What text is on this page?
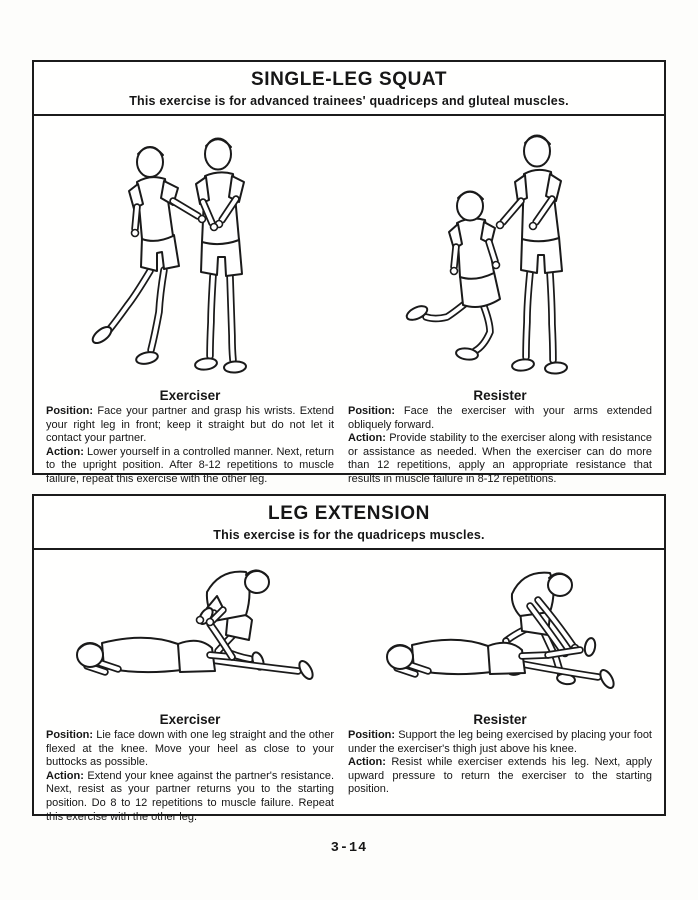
SINGLE-LEG SQUAT
This exercise is for advanced trainees' quadriceps and gluteal muscles.
Exerciser

Position: Face your partner and grasp his wrists. Extend your right leg in front; keep it straight but do not let it contact your partner.

Action: Lower yourself in a controlled manner. Next, return to the upright position. After 8-12 repetitions to muscle failure, repeat this exercise with the other leg.

Resister

Position: Face the exerciser with your arms extended obliquely forward.

Action: Provide stability to the exerciser along with resistance or assistance as needed. When the exerciser can do more than 12 repetitions, apply an appropriate resistance that results in muscle failure in 8-12 repetitions.

LEG EXTENSION
This exercise is for the quadriceps muscles.
Exerciser

Position: Lie face down with one leg straight and the other flexed at the knee. Move your heel as close to your buttocks as possible.

Action: Extend your knee against the partner's resistance. Next, resist as your partner returns you to the starting position. Do 8 to 12 repetitions to muscle failure. Repeat this exercise with the other leg.

Resister

Position: Support the leg being exercised by placing your foot under the exerciser's thigh just above his knee.

Action: Resist while exerciser extends his leg. Next, apply upward pressure to return the exerciser to the starting position.

3-14
